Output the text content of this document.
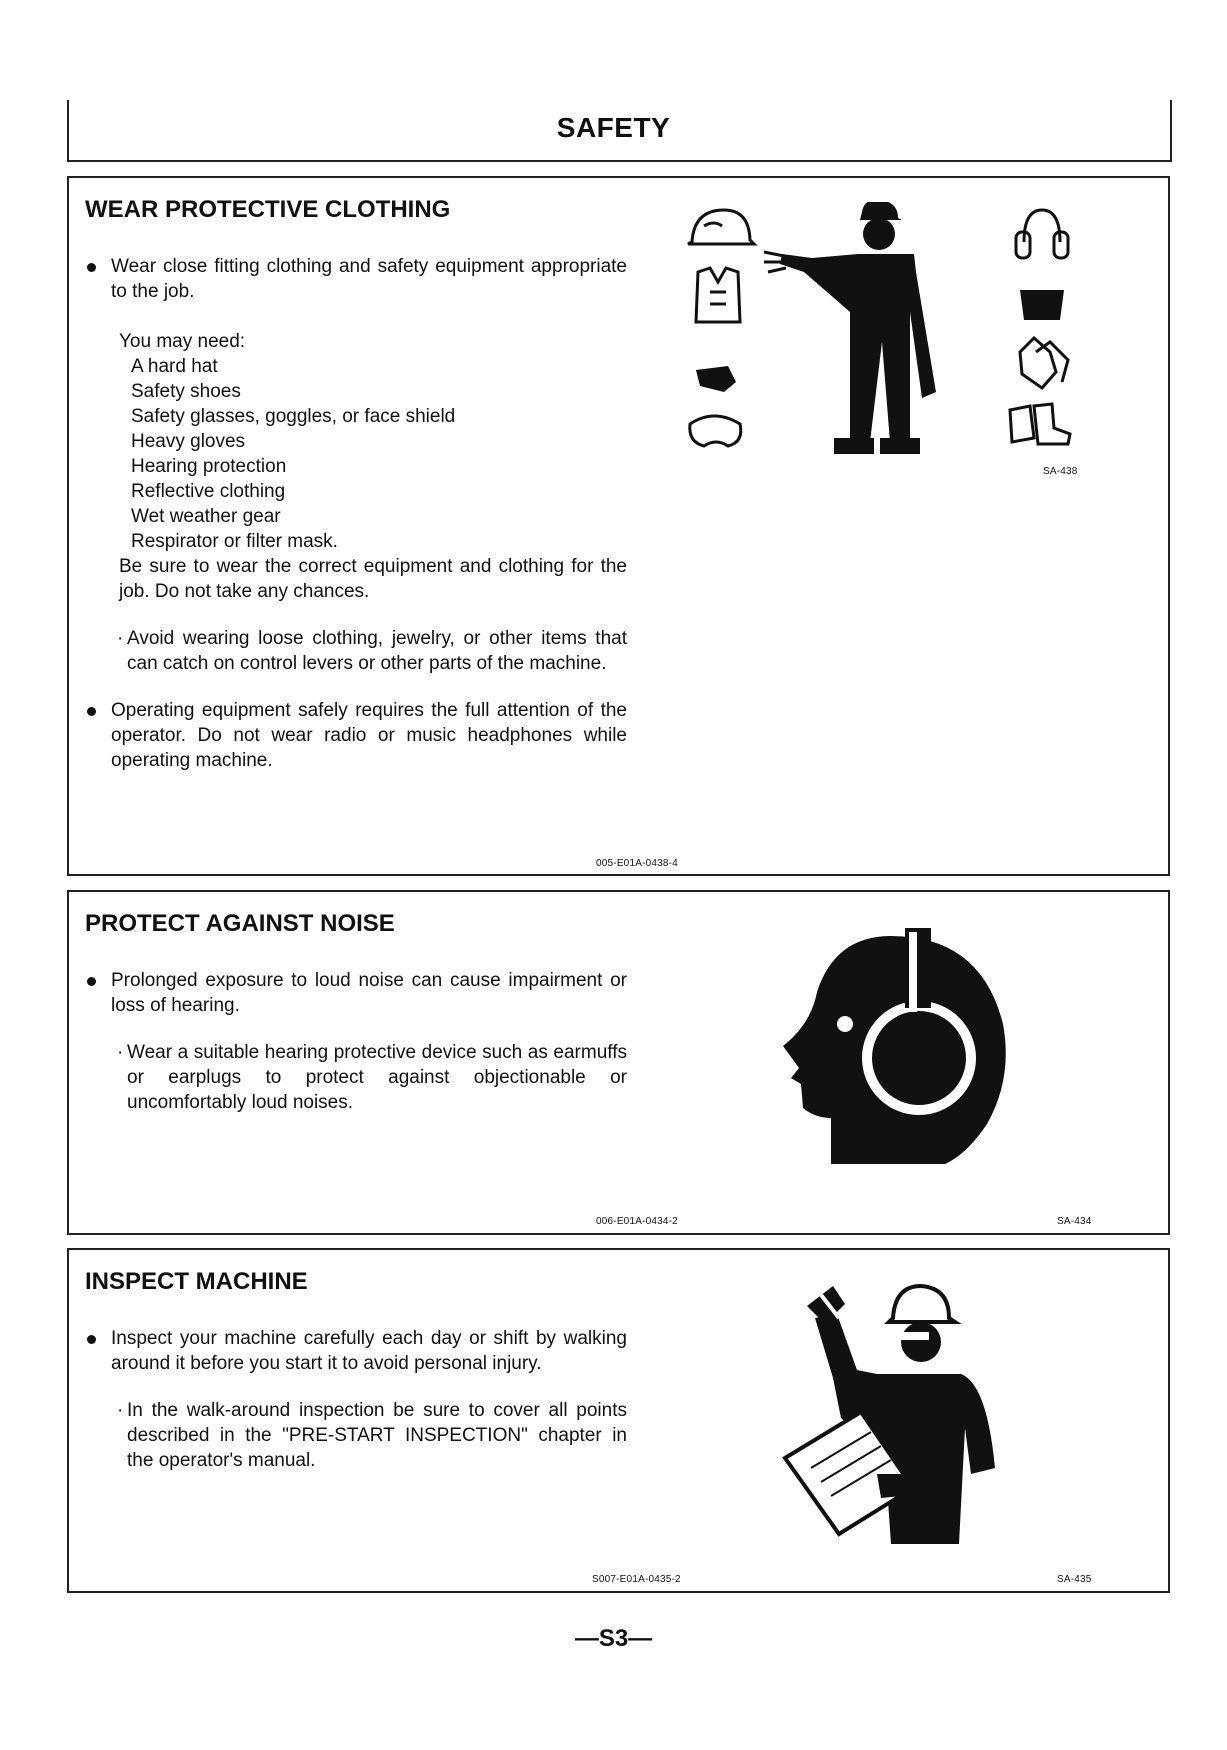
SAFETY
WEAR PROTECTIVE CLOTHING
Wear close fitting clothing and safety equipment appropriate to the job.
You may need:
A hard hat
Safety shoes
Safety glasses, goggles, or face shield
Heavy gloves
Hearing protection
Reflective clothing
Wet weather gear
Respirator or filter mask.
Be sure to wear the correct equipment and clothing for the job. Do not take any chances.
· Avoid wearing loose clothing, jewelry, or other items that can catch on control levers or other parts of the machine.
Operating equipment safely requires the full attention of the operator. Do not wear radio or music headphones while operating machine.
SA-438
005-E01A-0438-4
PROTECT AGAINST NOISE
Prolonged exposure to loud noise can cause impairment or loss of hearing.
· Wear a suitable hearing protective device such as earmuffs or earplugs to protect against objectionable or uncomfortably loud noises.
006-E01A-0434-2	SA-434
INSPECT MACHINE
Inspect your machine carefully each day or shift by walking around it before you start it to avoid personal injury.
· In the walk-around inspection be sure to cover all points described in the "PRE-START INSPECTION" chapter in the operator's manual.
S007-E01A-0435-2	SA-435
—S3—
